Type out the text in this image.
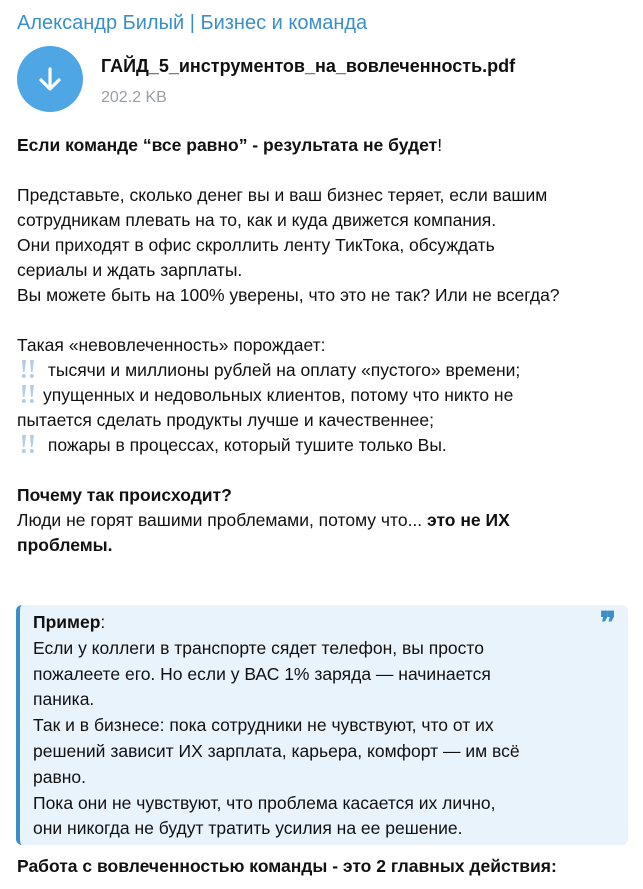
Александр Билый | Бизнес и команда
ГАЙД_5_инструментов_на_вовлеченность.pdf
202.2 KB
Если команде “все равно” - результата не будет!
Представьте, сколько денег вы и ваш бизнес теряет, если вашим
сотрудникам плевать на то, как и куда движется компания.
Они приходят в офис скроллить ленту ТикТока, обсуждать
сериалы и ждать зарплаты.
Вы можете быть на 100% уверены, что это не так? Или не всегда?
Такая «невовлеченность» порождает:
тысячи и миллионы рублей на оплату «пустого» времени;
упущенных и недовольных клиентов, потому что никто не
пытается сделать продукты лучше и качественнее;
пожары в процессах, который тушите только Вы.
Почему так происходит?
Люди не горят вашими проблемами, потому что... это не ИХ
проблемы.
❞
Пример:
Если у коллеги в транспорте сядет телефон, вы просто
пожалеете его. Но если у ВАС 1% заряда — начинается
паника.
Так и в бизнесе: пока сотрудники не чувствуют, что от их
решений зависит ИХ зарплата, карьера, комфорт — им всё
равно.
Пока они не чувствуют, что проблема касается их лично,
они никогда не будут тратить усилия на ее решение.
Работа с вовлеченностью команды - это 2 главных действия:
